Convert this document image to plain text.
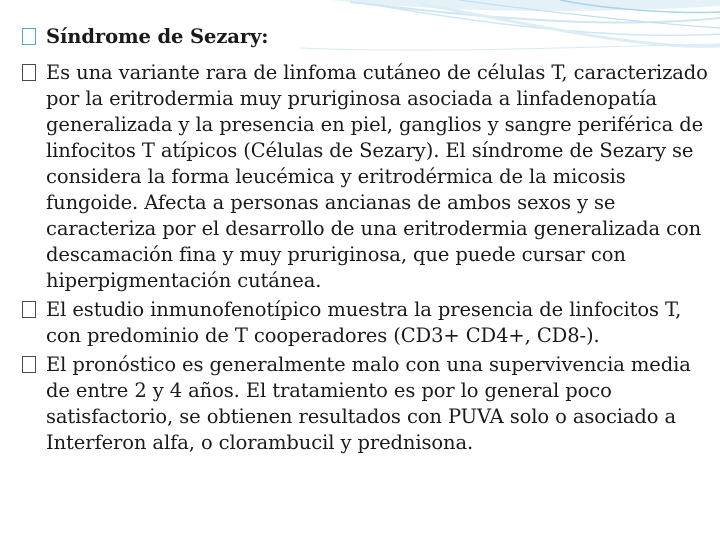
Síndrome de Sezary:

Es una variante rara de linfoma cutáneo de células T, caracterizado por la eritrodermia muy pruriginosa asociada a linfadenopatía generalizada y la presencia en piel, ganglios y sangre periférica de linfocitos T atípicos (Células de Sezary). El síndrome de Sezary se considera la forma leucémica y eritrodérmica de la micosis fungoide. Afecta a personas ancianas de ambos sexos y se caracteriza por el desarrollo de una eritrodermia generalizada con descamación fina y muy pruriginosa, que puede cursar con hiperpigmentación cutánea.

El estudio inmunofenotípico muestra la presencia de linfocitos T, con predominio de T cooperadores (CD3+ CD4+, CD8-).

El pronóstico es generalmente malo con una supervivencia media de entre 2 y 4 años. El tratamiento es por lo general poco satisfactorio, se obtienen resultados con PUVA solo o asociado a Interferon alfa, o clorambucil y prednisona.
